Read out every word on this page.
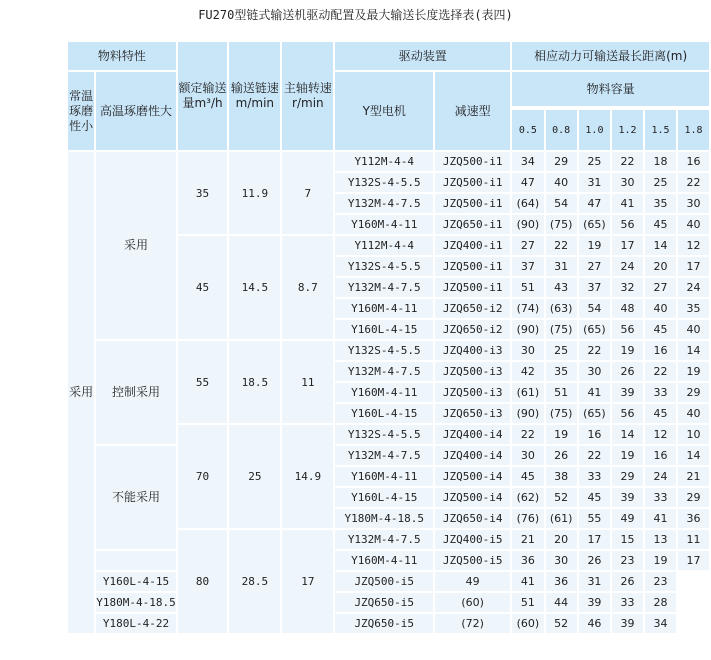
FU270型链式输送机驱动配置及最大输送长度选择表(表四)
物料特性		额定输送量m³/h	输送链速m/min	主轴转速r/min	驱动装置		相应动力可输送最长距离(m)					
常温琢磨性小	高温琢磨性大				Y型电机	减速型	物料容量					

							0.5	0.8	1.0	1.2	1.5	1.8
采用	采用	35	11.9	7	Y112M-4-4	JZQ500-i1	34	29	25	22	18	16
					Y132S-4-5.5	JZQ500-i1	47	40	31	30	25	22
					Y132M-4-7.5	JZQ500-i1	(64)	54	47	41	35	30
					Y160M-4-11	JZQ650-i1	(90)	(75)	(65)	56	45	40
		45	14.5	8.7	Y112M-4-4	JZQ400-i1	27	22	19	17	14	12
					Y132S-4-5.5	JZQ500-i1	37	31	27	24	20	17
					Y132M-4-7.5	JZQ500-i1	51	43	37	32	27	24
					Y160M-4-11	JZQ650-i2	(74)	(63)	54	48	40	35
					Y160L-4-15	JZQ650-i2	(90)	(75)	(65)	56	45	40
	控制采用	55	18.5	11	Y132S-4-5.5	JZQ400-i3	30	25	22	19	16	14
					Y132M-4-7.5	JZQ500-i3	42	35	30	26	22	19
					Y160M-4-11	JZQ500-i3	(61)	51	41	39	33	29
					Y160L-4-15	JZQ650-i3	(90)	(75)	(65)	56	45	40
		70	25	14.9	Y132S-4-5.5	JZQ400-i4	22	19	16	14	12	10
	不能采用				Y132M-4-7.5	JZQ400-i4	30	26	22	19	16	14
					Y160M-4-11	JZQ500-i4	45	38	33	29	24	21
					Y160L-4-15	JZQ500-i4	(62)	52	45	39	33	29
					Y180M-4-18.5	JZQ650-i4	(76)	(61)	55	49	41	36
		80	28.5	17	Y132M-4-7.5	JZQ400-i5	21	20	17	15	13	11
					Y160M-4-11	JZQ500-i5	36	30	26	23	19	17
	Y160L-4-15				JZQ500-i5	49	41	36	31	26	23	
	Y180M-4-18.5				JZQ650-i5	(60)	51	44	39	33	28	
	Y180L-4-22				JZQ650-i5	(72)	(60)	52	46	39	34	
